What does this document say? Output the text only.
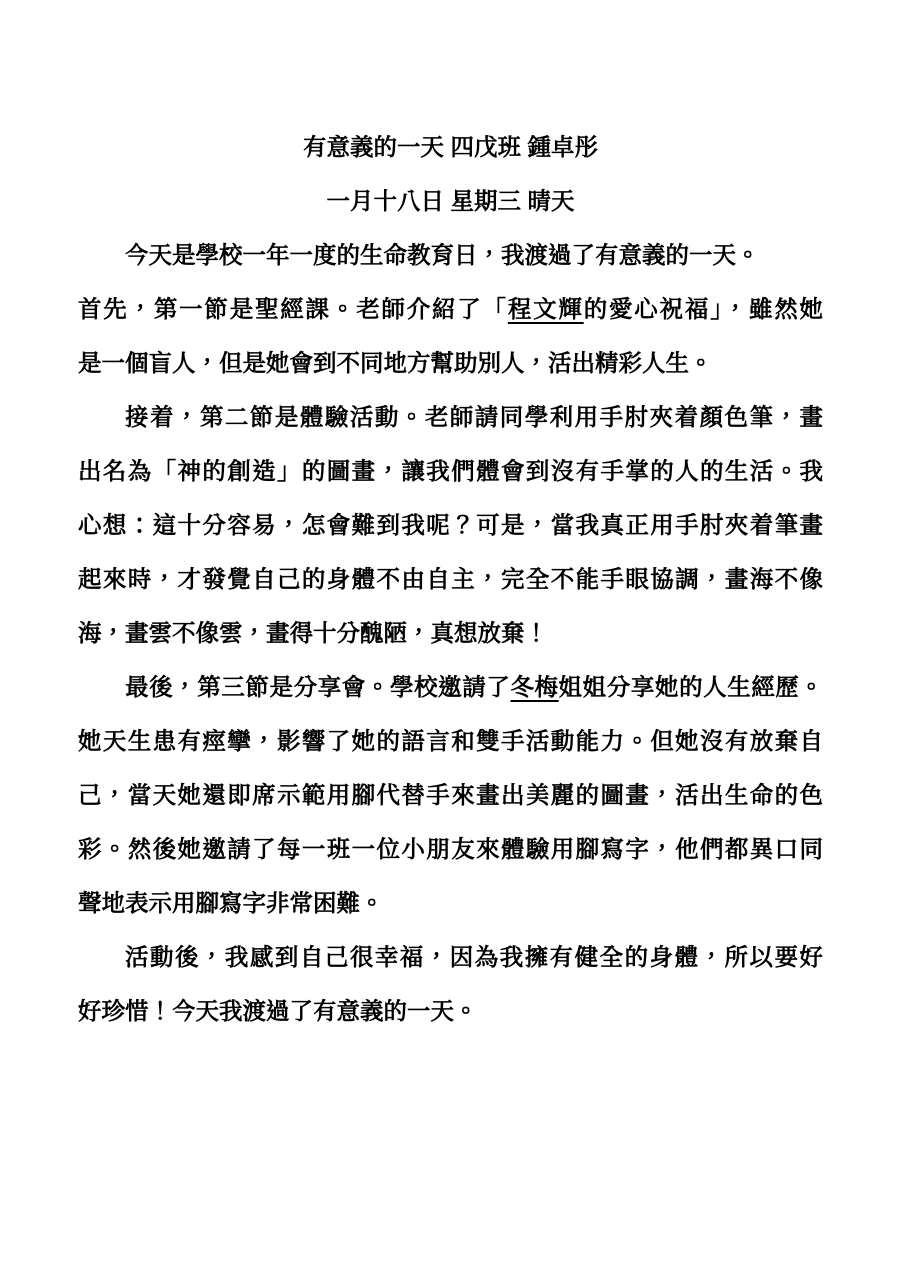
有意義的一天 四戊班 鍾卓彤
一月十八日 星期三 晴天
今天是學校一年一度的生命教育日，我渡過了有意義的一天。
首先，第一節是聖經課。老師介紹了「程文輝的愛心祝福」，雖然她
是一個盲人，但是她會到不同地方幫助別人，活出精彩人生。
接着，第二節是體驗活動。老師請同學利用手肘夾着顏色筆，畫
出名為「神的創造」的圖畫，讓我們體會到沒有手掌的人的生活。我
心想：這十分容易，怎會難到我呢？可是，當我真正用手肘夾着筆畫
起來時，才發覺自己的身體不由自主，完全不能手眼協調，畫海不像
海，畫雲不像雲，畫得十分醜陋，真想放棄！
最後，第三節是分享會。學校邀請了冬梅姐姐分享她的人生經歷。
她天生患有痙攣，影響了她的語言和雙手活動能力。但她沒有放棄自
己，當天她還即席示範用腳代替手來畫出美麗的圖畫，活出生命的色
彩。然後她邀請了每一班一位小朋友來體驗用腳寫字，他們都異口同
聲地表示用腳寫字非常困難。
活動後，我感到自己很幸福，因為我擁有健全的身體，所以要好
好珍惜！今天我渡過了有意義的一天。
